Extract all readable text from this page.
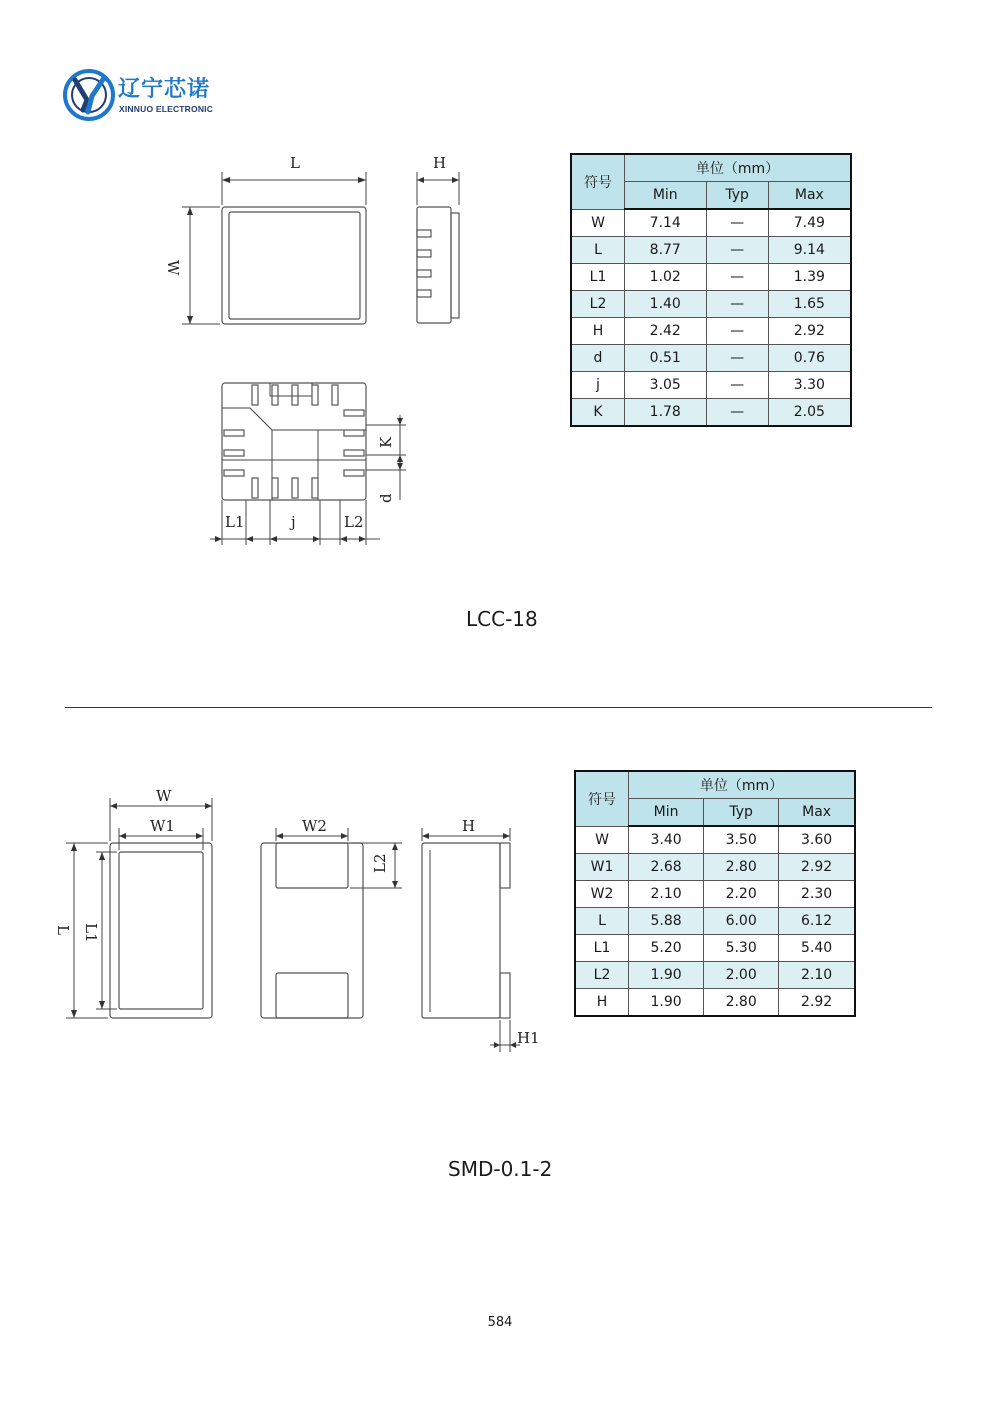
辽宁芯诺
XINNUO ELECTRONIC
L
W
H
K
d
L1	j	L2
符号	单位（mm）		
	Min	Typ	Max
W	7.14	—	7.49
L	8.77	—	9.14
L1	1.02	—	1.39
L2	1.40	—	1.65
H	2.42	—	2.92
d	0.51	—	0.76
j	3.05	—	3.30
K	1.78	—	2.05
LCC-18
W
W1
L L1
W2
L2
H
H1
符号	单位（mm）		
	Min	Typ	Max
W	3.40	3.50	3.60
W1	2.68	2.80	2.92
W2	2.10	2.20	2.30
L	5.88	6.00	6.12
L1	5.20	5.30	5.40
L2	1.90	2.00	2.10
H	1.90	2.80	2.92
SMD-0.1-2
584
